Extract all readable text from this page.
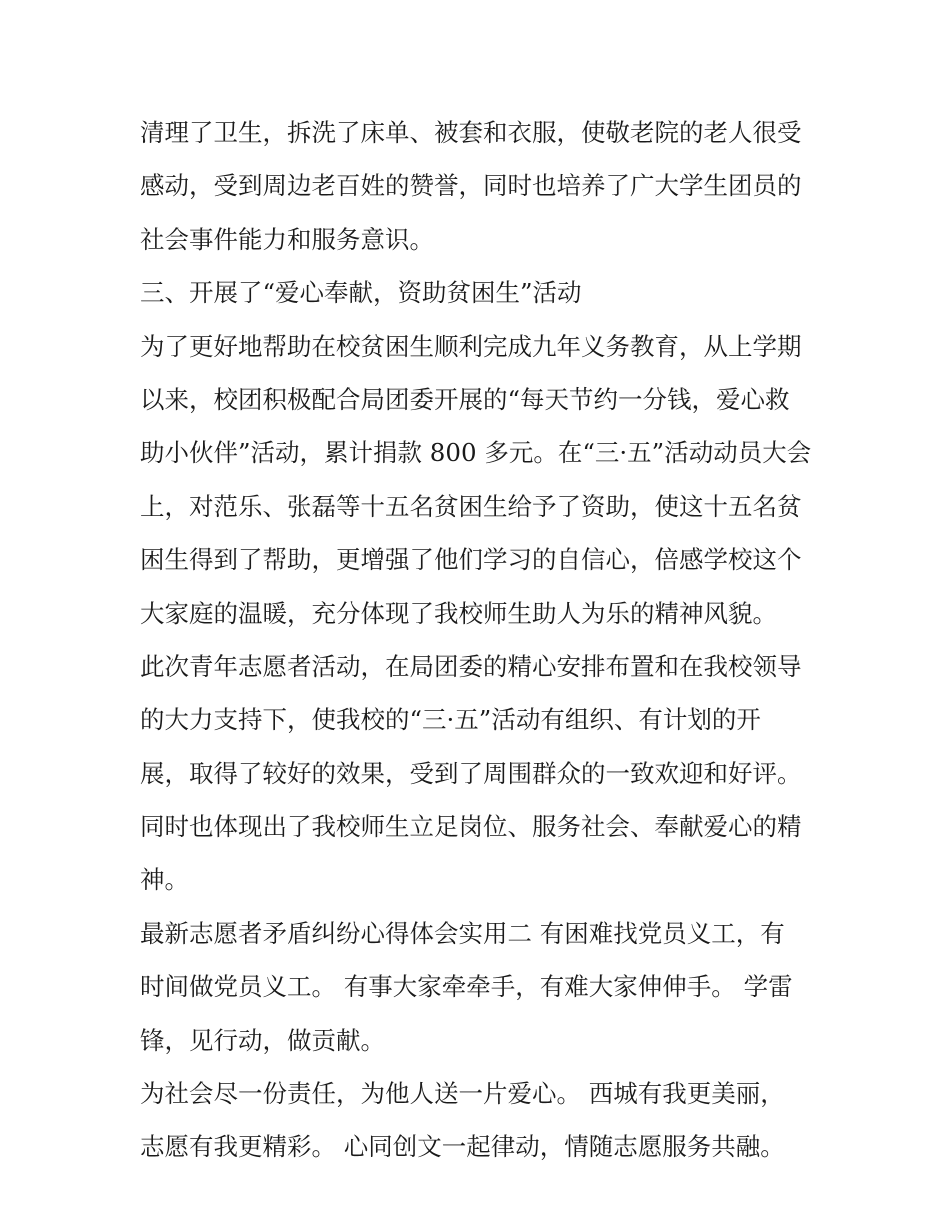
清理了卫生，拆洗了床单、被套和衣服，使敬老院的老人很受
感动，受到周边老百姓的赞誉，同时也培养了广大学生团员的
社会事件能力和服务意识。
三、开展了“爱心奉献，资助贫困生”活动
为了更好地帮助在校贫困生顺利完成九年义务教育，从上学期
以来，校团积极配合局团委开展的“每天节约一分钱，爱心救
助小伙伴”活动，累计捐款 800 多元。在“三·五”活动动员大会
上，对范乐、张磊等十五名贫困生给予了资助，使这十五名贫
困生得到了帮助，更增强了他们学习的自信心，倍感学校这个
大家庭的温暖，充分体现了我校师生助人为乐的精神风貌。
此次青年志愿者活动，在局团委的精心安排布置和在我校领导
的大力支持下，使我校的“三·五”活动有组织、有计划的开
展，取得了较好的效果，受到了周围群众的一致欢迎和好评。
同时也体现出了我校师生立足岗位、服务社会、奉献爱心的精
神。
最新志愿者矛盾纠纷心得体会实用二 有困难找党员义工，有
时间做党员义工。 有事大家牵牵手，有难大家伸伸手。 学雷
锋，见行动，做贡献。
为社会尽一份责任，为他人送一片爱心。 西城有我更美丽，
志愿有我更精彩。 心同创文一起律动，情随志愿服务共融。
